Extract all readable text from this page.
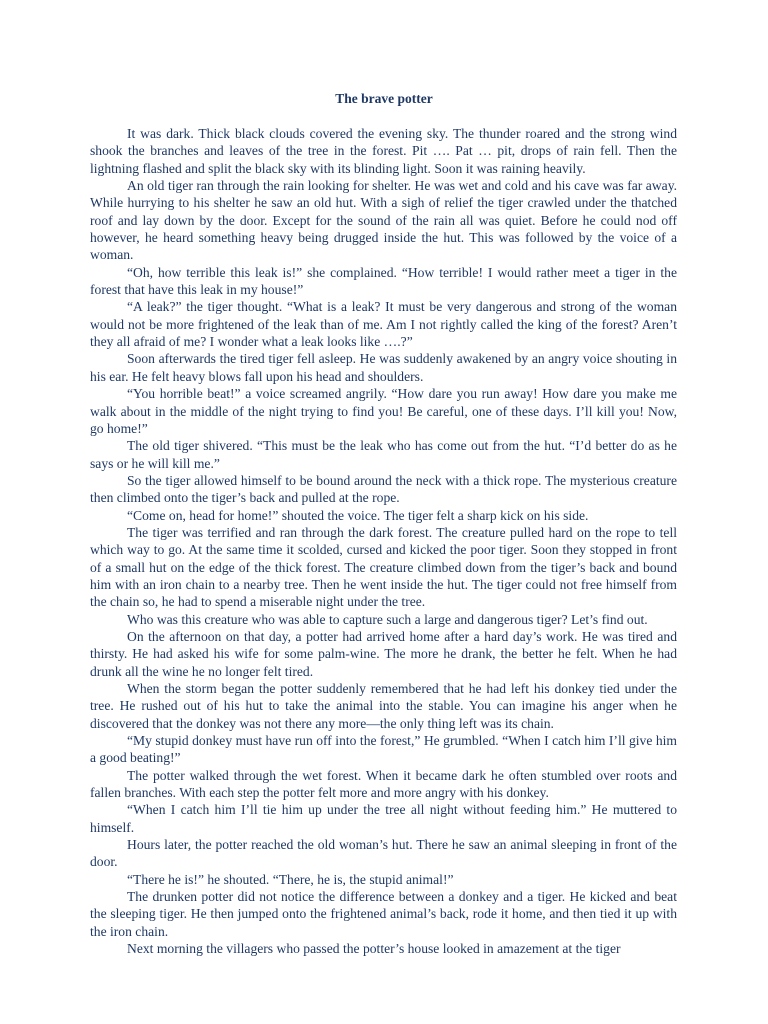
The brave potter

It was dark. Thick black clouds covered the evening sky. The thunder roared and the strong wind shook the branches and leaves of the tree in the forest. Pit …. Pat … pit, drops of rain fell. Then the lightning flashed and split the black sky with its blinding light. Soon it was raining heavily.

An old tiger ran through the rain looking for shelter. He was wet and cold and his cave was far away. While hurrying to his shelter he saw an old hut. With a sigh of relief the tiger crawled under the thatched roof and lay down by the door. Except for the sound of the rain all was quiet. Before he could nod off however, he heard something heavy being drugged inside the hut. This was followed by the voice of a woman.

“Oh, how terrible this leak is!” she complained. “How terrible! I would rather meet a tiger in the forest that have this leak in my house!”

“A leak?” the tiger thought. “What is a leak? It must be very dangerous and strong of the woman would not be more frightened of the leak than of me. Am I not rightly called the king of the forest? Aren’t they all afraid of me? I wonder what a leak looks like ….?”

Soon afterwards the tired tiger fell asleep. He was suddenly awakened by an angry voice shouting in his ear. He felt heavy blows fall upon his head and shoulders.

“You horrible beat!” a voice screamed angrily. “How dare you run away! How dare you make me walk about in the middle of the night trying to find you! Be careful, one of these days. I’ll kill you! Now, go home!”

The old tiger shivered. “This must be the leak who has come out from the hut. “I’d better do as he says or he will kill me.”

So the tiger allowed himself to be bound around the neck with a thick rope. The mysterious creature then climbed onto the tiger’s back and pulled at the rope.

“Come on, head for home!” shouted the voice. The tiger felt a sharp kick on his side.

The tiger was terrified and ran through the dark forest. The creature pulled hard on the rope to tell which way to go. At the same time it scolded, cursed and kicked the poor tiger. Soon they stopped in front of a small hut on the edge of the thick forest. The creature climbed down from the tiger’s back and bound him with an iron chain to a nearby tree. Then he went inside the hut. The tiger could not free himself from the chain so, he had to spend a miserable night under the tree.

Who was this creature who was able to capture such a large and dangerous tiger? Let’s find out.

On the afternoon on that day, a potter had arrived home after a hard day’s work. He was tired and thirsty. He had asked his wife for some palm-wine. The more he drank, the better he felt. When he had drunk all the wine he no longer felt tired.

When the storm began the potter suddenly remembered that he had left his donkey tied under the tree. He rushed out of his hut to take the animal into the stable. You can imagine his anger when he discovered that the donkey was not there any more—the only thing left was its chain.

“My stupid donkey must have run off into the forest,” He grumbled. “When I catch him I’ll give him a good beating!”

The potter walked through the wet forest. When it became dark he often stumbled over roots and fallen branches. With each step the potter felt more and more angry with his donkey.

“When I catch him I’ll tie him up under the tree all night without feeding him.” He muttered to himself.

Hours later, the potter reached the old woman’s hut. There he saw an animal sleeping in front of the door.

“There he is!” he shouted. “There, he is, the stupid animal!”

The drunken potter did not notice the difference between a donkey and a tiger. He kicked and beat the sleeping tiger. He then jumped onto the frightened animal’s back, rode it home, and then tied it up with the iron chain.

Next morning the villagers who passed the potter’s house looked in amazement at the tiger
